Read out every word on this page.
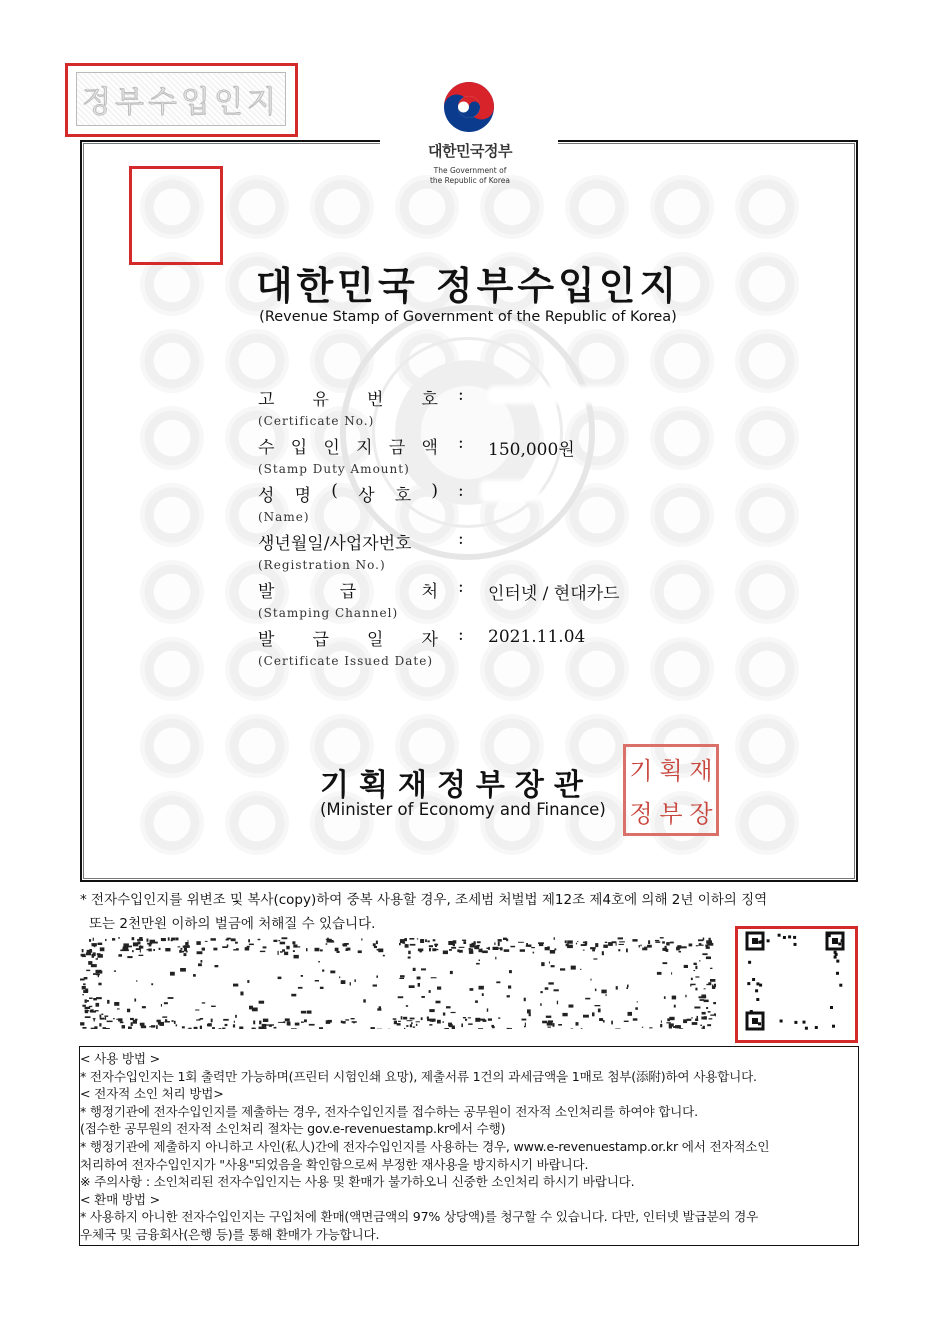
정부수입인지
대한민국정부
The Government of
the Republic of Korea
대한민국 정부수입인지
(Revenue Stamp of Government of the Republic of Korea)
고 유 번 호
(Certificate No.)
:
수 입 인 지 금 액
(Stamp Duty Amount)
: 150,000원
성 명 ( 상 호 )
(Name)
:
생년월일/사업자번호
(Registration No.)
:
발	급	처
(Stamping Channel)
: 인터넷 / 현대카드
발 급 일 자
(Certificate Issued Date)
: 2021.11.04
기획재정부장관
(Minister of Economy and Finance)
기 획 재
정 부 장
* 전자수입인지를 위변조 및 복사(copy)하여 중복 사용할 경우, 조세범 처벌법 제12조 제4호에 의해 2년 이하의 징역
또는 2천만원 이하의 벌금에 처해질 수 있습니다.
< 사용 방법 >
* 전자수입인지는 1회 출력만 가능하며(프린터 시험인쇄 요망), 제출서류 1건의 과세금액을 1매로 첨부(添附)하여 사용합니다.
< 전자적 소인 처리 방법>
* 행정기관에 전자수입인지를 제출하는 경우, 전자수입인지를 접수하는 공무원이 전자적 소인처리를 하여야 합니다.
(접수한 공무원의 전자적 소인처리 절차는 gov.e-revenuestamp.kr에서 수행)
* 행정기관에 제출하지 아니하고 사인(私人)간에 전자수입인지를 사용하는 경우, www.e-revenuestamp.or.kr 에서 전자적소인
처리하여 전자수입인지가 "사용"되었음을 확인함으로써 부정한 재사용을 방지하시기 바랍니다.
※ 주의사항 : 소인처리된 전자수입인지는 사용 및 환매가 불가하오니 신중한 소인처리 하시기 바랍니다.
< 환매 방법 >
* 사용하지 아니한 전자수입인지는 구입처에 환매(액면금액의 97% 상당액)를 청구할 수 있습니다. 다만, 인터넷 발급분의 경우
우체국 및 금융회사(은행 등)를 통해 환매가 가능합니다.
